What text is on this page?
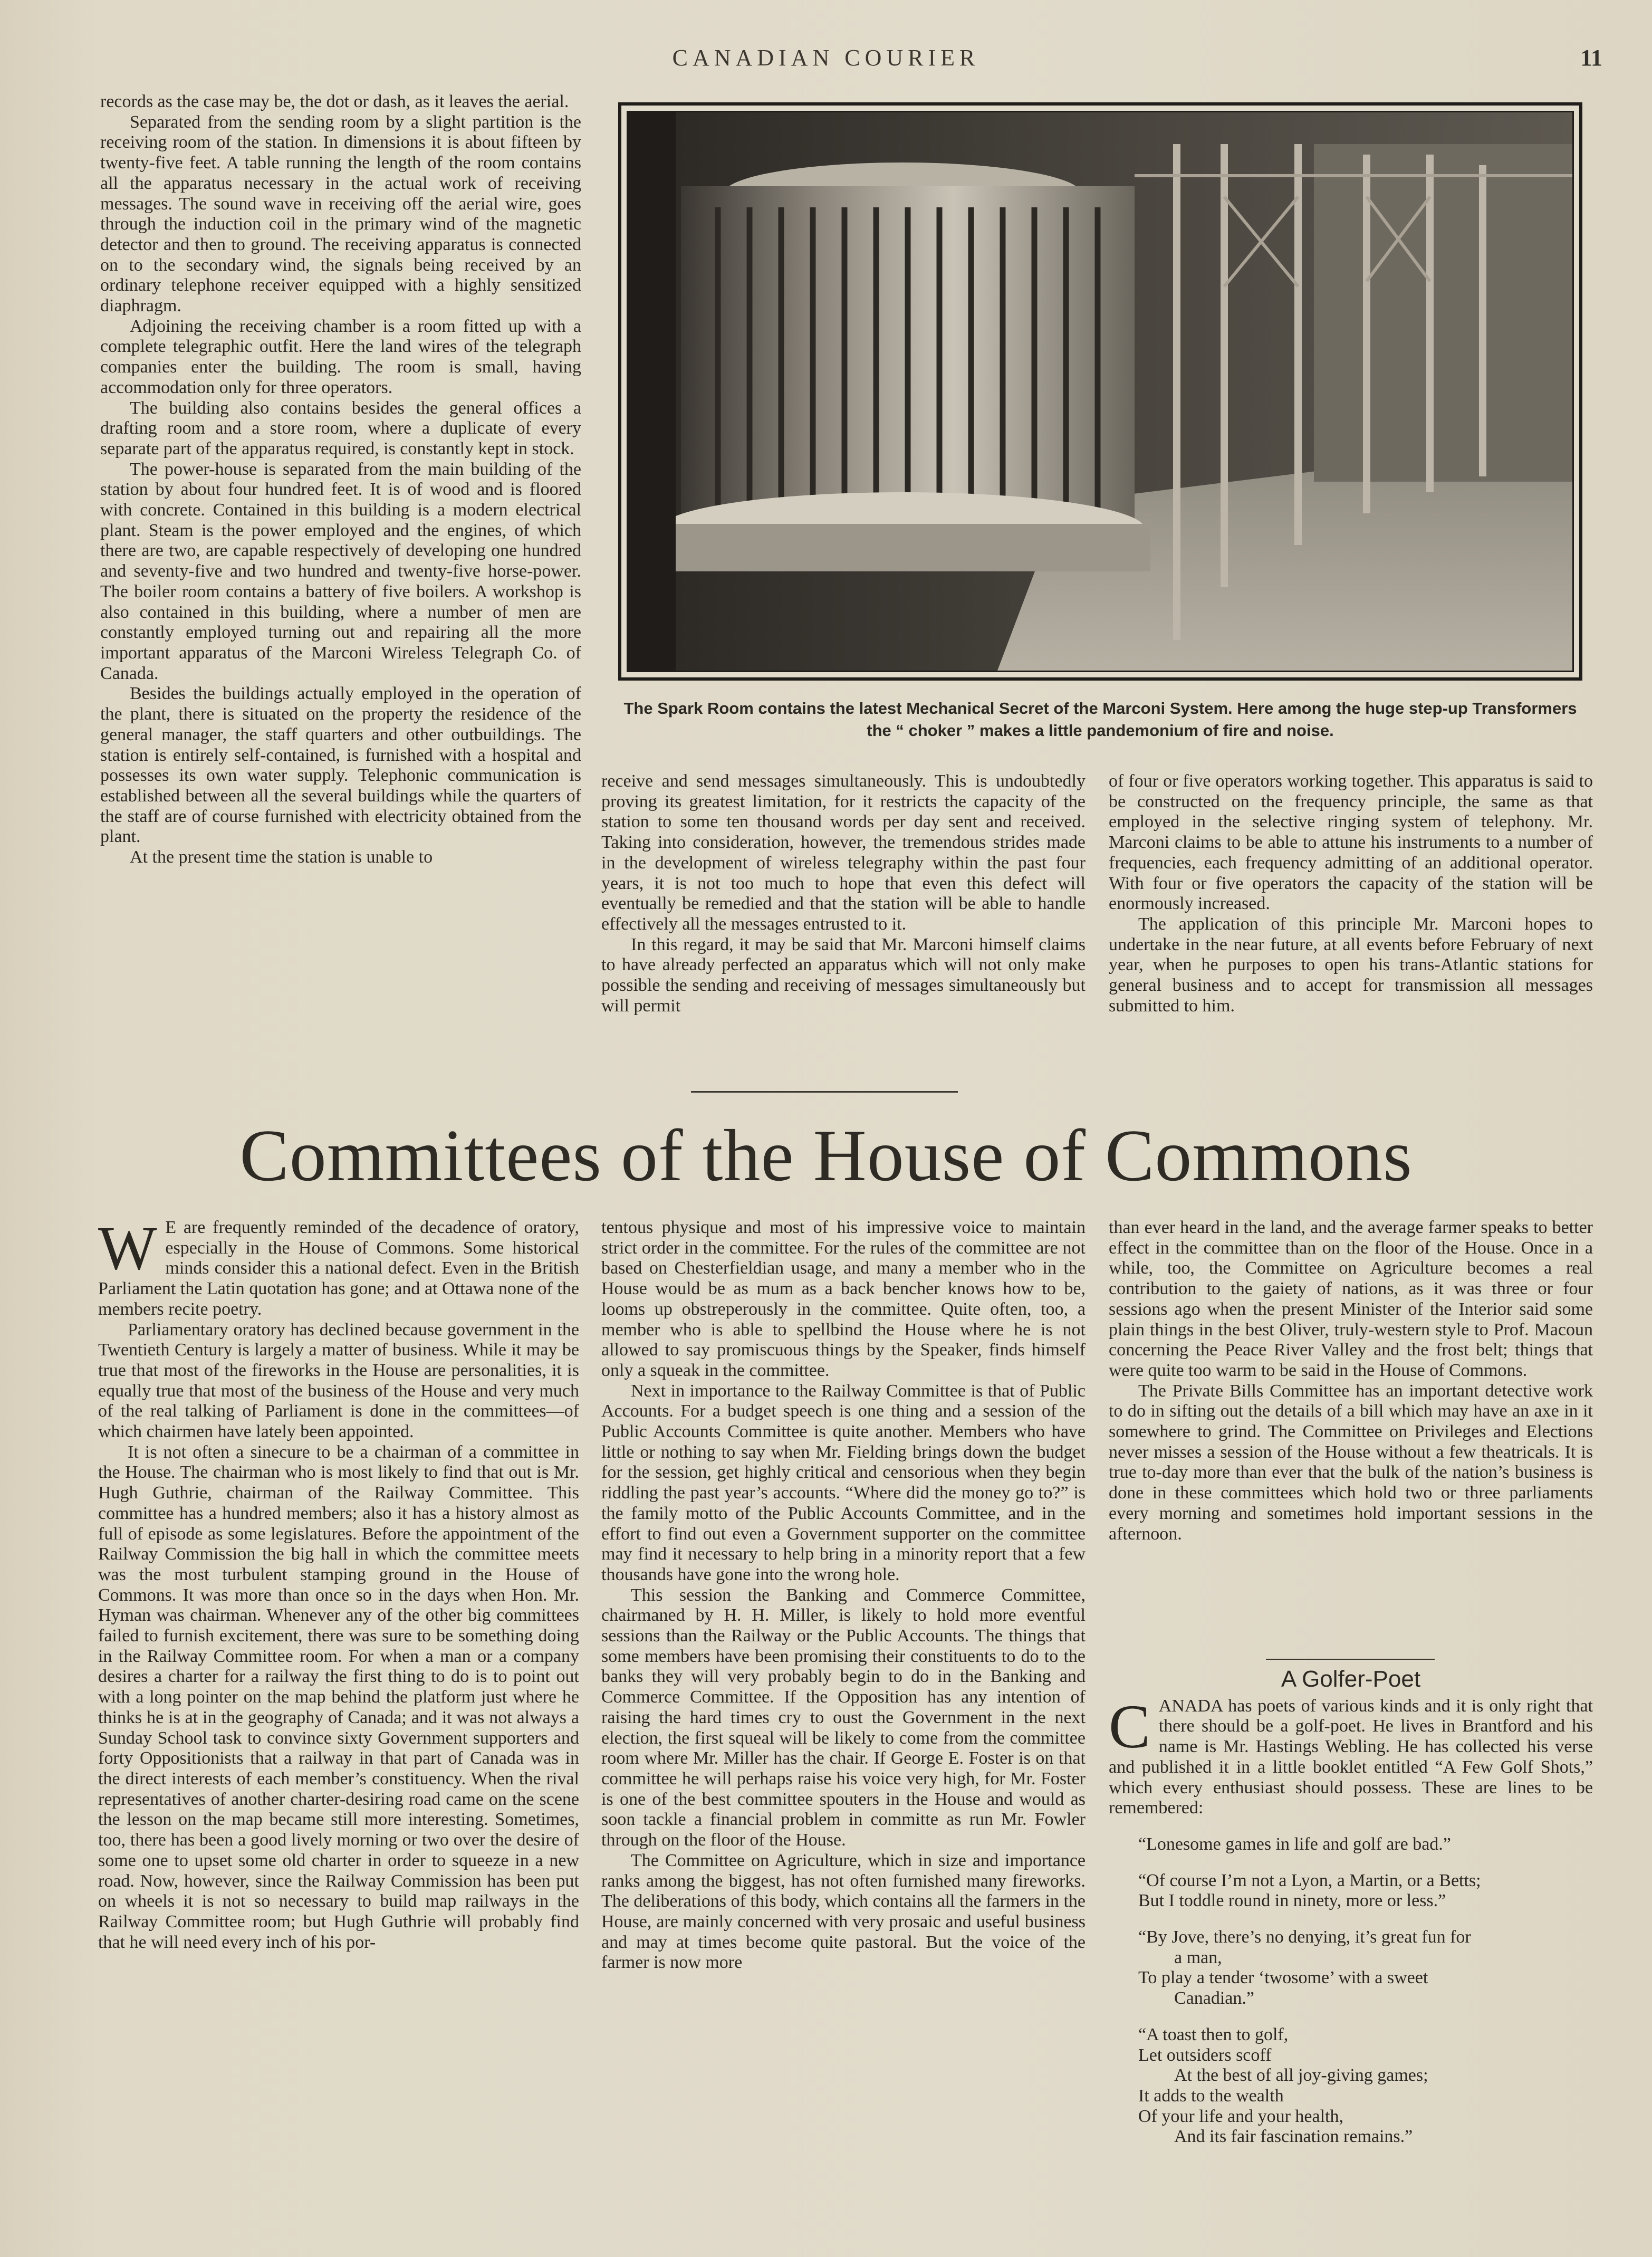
CANADIAN COURIER	11

records as the case may be, the dot or dash, as it leaves the aerial.

Separated from the sending room by a slight partition is the receiving room of the station. In dimensions it is about fifteen by twenty-five feet. A table running the length of the room contains all the apparatus necessary in the actual work of receiving messages. The sound wave in receiving off the aerial wire, goes through the induction coil in the primary wind of the magnetic detector and then to ground. The receiving apparatus is connected on to the secondary wind, the signals being received by an ordinary telephone receiver equipped with a highly sensitized diaphragm.

Adjoining the receiving chamber is a room fitted up with a complete telegraphic outfit. Here the land wires of the telegraph companies enter the building. The room is small, having accommodation only for three operators.

The building also contains besides the general offices a drafting room and a store room, where a duplicate of every separate part of the apparatus required, is constantly kept in stock.

The power-house is separated from the main building of the station by about four hundred feet. It is of wood and is floored with concrete. Contained in this building is a modern electrical plant. Steam is the power employed and the engines, of which there are two, are capable respectively of developing one hundred and seventy-five and two hundred and twenty-five horse-power. The boiler room contains a battery of five boilers. A workshop is also contained in this building, where a number of men are constantly employed turning out and repairing all the more important apparatus of the Marconi Wireless Telegraph Co. of Canada.

Besides the buildings actually employed in the operation of the plant, there is situated on the property the residence of the general manager, the staff quarters and other outbuildings. The station is entirely self-contained, is furnished with a hospital and possesses its own water supply. Telephonic communication is established between all the several buildings while the quarters of the staff are of course furnished with electricity obtained from the plant.

At the present time the station is unable to

The Spark Room contains the latest Mechanical Secret of the Marconi System. Here among the huge step-up Transformers the “ choker ” makes a little pandemonium of fire and noise.

receive and send messages simultaneously. This is undoubtedly proving its greatest limitation, for it restricts the capacity of the station to some ten thousand words per day sent and received. Taking into consideration, however, the tremendous strides made in the development of wireless telegraphy within the past four years, it is not too much to hope that even this defect will eventually be remedied and that the station will be able to handle effectively all the messages entrusted to it.

In this regard, it may be said that Mr. Marconi himself claims to have already perfected an apparatus which will not only make possible the sending and receiving of messages simultaneously but will permit

of four or five operators working together. This apparatus is said to be constructed on the frequency principle, the same as that employed in the selective ringing system of telephony. Mr. Marconi claims to be able to attune his instruments to a number of frequencies, each frequency admitting of an additional operator. With four or five operators the capacity of the station will be enormously increased.

The application of this principle Mr. Marconi hopes to undertake in the near future, at all events before February of next year, when he purposes to open his trans-Atlantic stations for general business and to accept for transmission all messages submitted to him.

Committees of the House of Commons

W E are frequently reminded of the decadence of oratory, especially in the House of Commons. Some historical minds consider this a national defect. Even in the British Parliament the Latin quotation has gone; and at Ottawa none of the members recite poetry.

Parliamentary oratory has declined because government in the Twentieth Century is largely a matter of business. While it may be true that most of the fireworks in the House are personalities, it is equally true that most of the business of the House and very much of the real talking of Parliament is done in the committees—of which chairmen have lately been appointed.

It is not often a sinecure to be a chairman of a committee in the House. The chairman who is most likely to find that out is Mr. Hugh Guthrie, chairman of the Railway Committee. This committee has a hundred members; also it has a history almost as full of episode as some legislatures. Before the appointment of the Railway Commission the big hall in which the committee meets was the most turbulent stamping ground in the House of Commons. It was more than once so in the days when Hon. Mr. Hyman was chairman. Whenever any of the other big committees failed to furnish excitement, there was sure to be something doing in the Railway Committee room. For when a man or a company desires a charter for a railway the first thing to do is to point out with a long pointer on the map behind the platform just where he thinks he is at in the geography of Canada; and it was not always a Sunday School task to convince sixty Government supporters and forty Oppositionists that a railway in that part of Canada was in the direct interests of each member’s constituency. When the rival representatives of another charter-desiring road came on the scene the lesson on the map became still more interesting. Sometimes, too, there has been a good lively morning or two over the desire of some one to upset some old charter in order to squeeze in a new road. Now, however, since the Railway Commission has been put on wheels it is not so necessary to build map railways in the Railway Committee room; but Hugh Guthrie will probably find that he will need every inch of his por-

tentous physique and most of his impressive voice to maintain strict order in the committee. For the rules of the committee are not based on Chesterfieldian usage, and many a member who in the House would be as mum as a back bencher knows how to be, looms up obstreperously in the committee. Quite often, too, a member who is able to spellbind the House where he is not allowed to say promiscuous things by the Speaker, finds himself only a squeak in the committee.

Next in importance to the Railway Committee is that of Public Accounts. For a budget speech is one thing and a session of the Public Accounts Committee is quite another. Members who have little or nothing to say when Mr. Fielding brings down the budget for the session, get highly critical and censorious when they begin riddling the past year’s accounts. “Where did the money go to?” is the family motto of the Public Accounts Committee, and in the effort to find out even a Government supporter on the committee may find it necessary to help bring in a minority report that a few thousands have gone into the wrong hole.

This session the Banking and Commerce Committee, chairmaned by H. H. Miller, is likely to hold more eventful sessions than the Railway or the Public Accounts. The things that some members have been promising their constituents to do to the banks they will very probably begin to do in the Banking and Commerce Committee. If the Opposition has any intention of raising the hard times cry to oust the Government in the next election, the first squeal will be likely to come from the committee room where Mr. Miller has the chair. If George E. Foster is on that committee he will perhaps raise his voice very high, for Mr. Foster is one of the best committee spouters in the House and would as soon tackle a financial problem in committe as run Mr. Fowler through on the floor of the House.

The Committee on Agriculture, which in size and importance ranks among the biggest, has not often furnished many fireworks. The deliberations of this body, which contains all the farmers in the House, are mainly concerned with very prosaic and useful business and may at times become quite pastoral. But the voice of the farmer is now more

than ever heard in the land, and the average farmer speaks to better effect in the committee than on the floor of the House. Once in a while, too, the Committee on Agriculture becomes a real contribution to the gaiety of nations, as it was three or four sessions ago when the present Minister of the Interior said some plain things in the best Oliver, truly-western style to Prof. Macoun concerning the Peace River Valley and the frost belt; things that were quite too warm to be said in the House of Commons.

The Private Bills Committee has an important detective work to do in sifting out the details of a bill which may have an axe in it somewhere to grind. The Committee on Privileges and Elections never misses a session of the House without a few theatricals. It is true to-day more than ever that the bulk of the nation’s business is done in these committees which hold two or three parliaments every morning and sometimes hold important sessions in the afternoon.

A Golfer-Poet

CANADA has poets of various kinds and it is only right that there should be a golf-poet. He lives in Brantford and his name is Mr. Hastings Webling. He has collected his verse and published it in a little booklet entitled “A Few Golf Shots,” which every enthusiast should possess. These are lines to be remembered:

“Lonesome games in life and golf are bad.”

“Of course I’m not a Lyon, a Martin, or a Betts;

But I toddle round in ninety, more or less.”

“By Jove, there’s no denying, it’s great fun for

  a man,

To play a tender ‘twosome’ with a sweet

  Canadian.”

“A toast then to golf,

Let outsiders scoff

  At the best of all joy-giving games;

It adds to the wealth

Of your life and your health,

  And its fair fascination remains.”
